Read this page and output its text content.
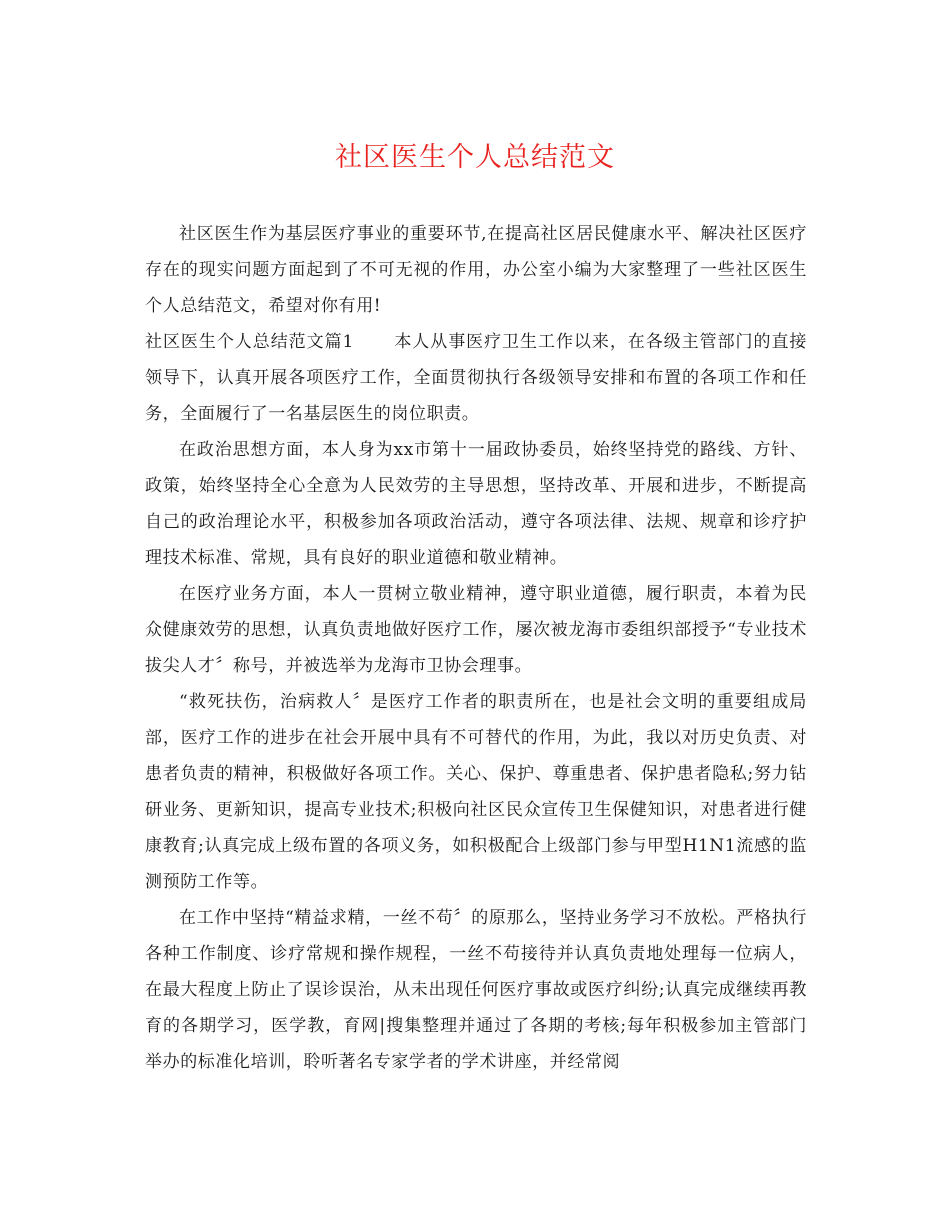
社区医生个人总结范文

社区医生作为基层医疗事业的重要环节,在提高社区居民健康水平、解决社区医疗存在的现实问题方面起到了不可无视的作用，办公室小编为大家整理了一些社区医生个人总结范文，希望对你有用!

社区医生个人总结范文篇1 本人从事医疗卫生工作以来，在各级主管部门的直接领导下，认真开展各项医疗工作，全面贯彻执行各级领导安排和布置的各项工作和任务，全面履行了一名基层医生的岗位职责。

在政治思想方面，本人身为xx市第十一届政协委员，始终坚持党的路线、方针、政策，始终坚持全心全意为人民效劳的主导思想，坚持改革、开展和进步，不断提高自己的政治理论水平，积极参加各项政治活动，遵守各项法律、法规、规章和诊疗护理技术标准、常规，具有良好的职业道德和敬业精神。

在医疗业务方面，本人一贯树立敬业精神，遵守职业道德，履行职责，本着为民众健康效劳的思想，认真负责地做好医疗工作，屡次被龙海市委组织部授予“专业技术拔尖人才〞称号，并被选举为龙海市卫协会理事。

“救死扶伤，治病救人〞是医疗工作者的职责所在，也是社会文明的重要组成局部，医疗工作的进步在社会开展中具有不可替代的作用，为此，我以对历史负责、对患者负责的精神，积极做好各项工作。关心、保护、尊重患者、保护患者隐私;努力钻研业务、更新知识，提高专业技术;积极向社区民众宣传卫生保健知识，对患者进行健康教育;认真完成上级布置的各项义务，如积极配合上级部门参与甲型H1N1流感的监测预防工作等。

在工作中坚持“精益求精，一丝不苟〞的原那么，坚持业务学习不放松。严格执行各种工作制度、诊疗常规和操作规程，一丝不苟接待并认真负责地处理每一位病人，在最大程度上防止了误诊误治，从未出现任何医疗事故或医疗纠纷;认真完成继续再教育的各期学习，医学教，育网|搜集整理并通过了各期的考核;每年积极参加主管部门举办的标准化培训，聆听著名专家学者的学术讲座，并经常阅
